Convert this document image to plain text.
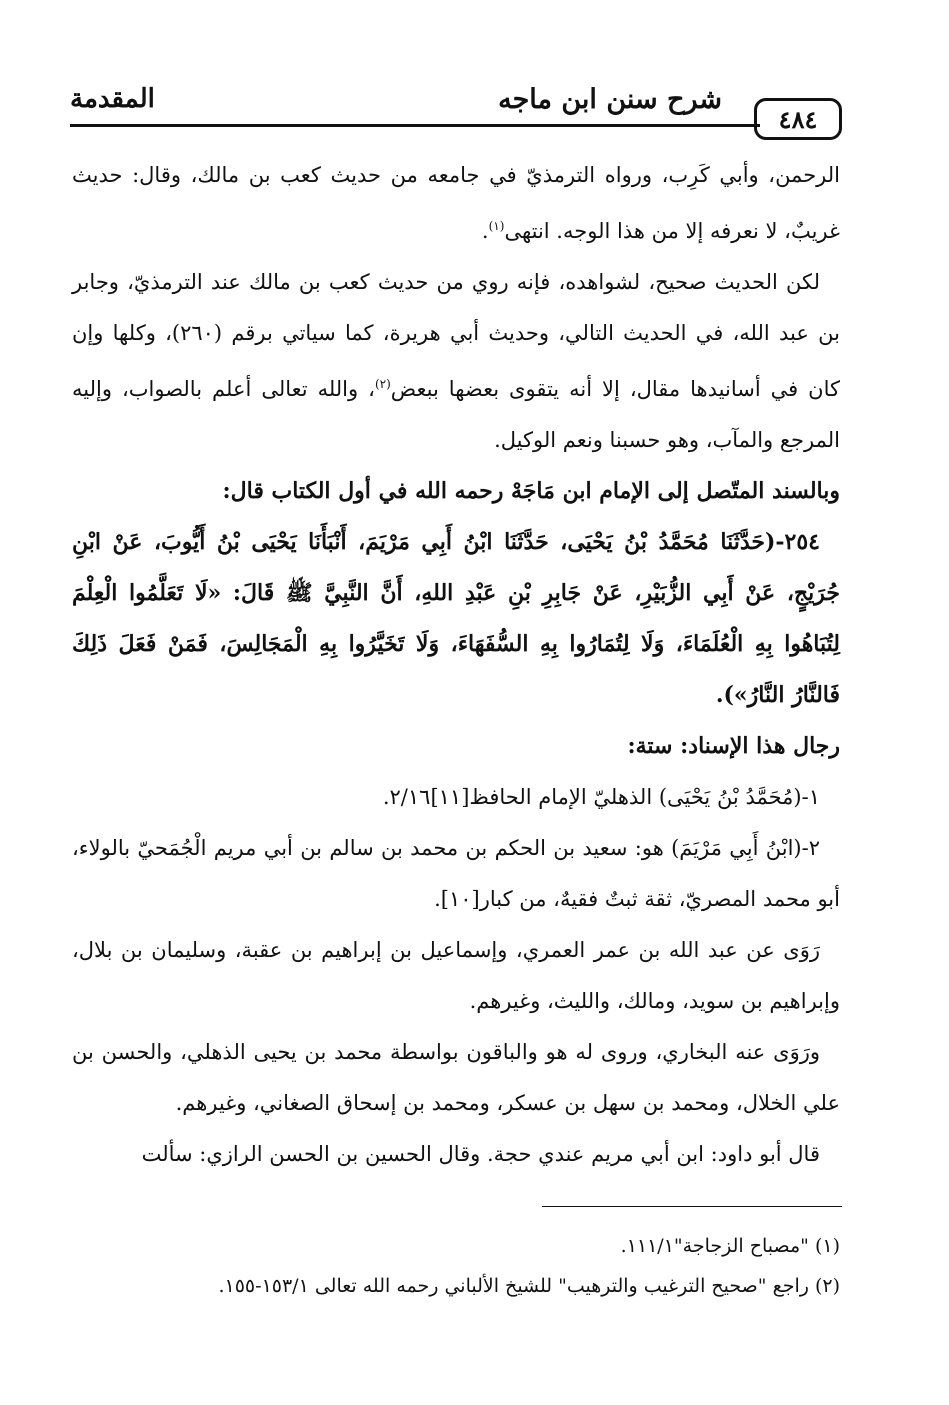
٤٨٤
شرح سنن ابن ماجه
المقدمة

الرحمن، وأبي كَرِب، ورواه الترمذيّ في جامعه من حديث كعب بن مالك، وقال: حديث غريبٌ، لا نعرفه إلا من هذا الوجه. انتهى$^{(١)}$.

لكن الحديث صحيح، لشواهده، فإنه روي من حديث كعب بن مالك عند الترمذيّ، وجابر بن عبد الله، في الحديث التالي، وحديث أبي هريرة، كما سياتي برقم (٢٦٠)، وكلها وإن كان في أسانيدها مقال، إلا أنه يتقوى بعضها ببعض$^{(٢)}$، والله تعالى أعلم بالصواب، وإليه المرجع والمآب، وهو حسبنا ونعم الوكيل.

وبالسند المتّصل إلى الإمام ابن مَاجَهْ رحمه الله في أول الكتاب قال:

٢٥٤-(حَدَّثَنَا مُحَمَّدُ بْنُ يَحْيَى، حَدَّثَنَا ابْنُ أَبِي مَرْيَمَ، أَنْبَأَنَا يَحْيَى بْنُ أَيُّوبَ، عَنْ ابْنِ جُرَيْجٍ، عَنْ أَبِي الزُّبَيْرِ، عَنْ جَابِرِ بْنِ عَبْدِ اللهِ، أَنَّ النَّبِيَّ ﷺ قَالَ: «لَا تَعَلَّمُوا الْعِلْمَ لِتُبَاهُوا بِهِ الْعُلَمَاءَ، وَلَا لِتُمَارُوا بِهِ السُّفَهَاءَ، وَلَا تَخَيَّرُوا بِهِ الْمَجَالِسَ، فَمَنْ فَعَلَ ذَلِكَ فَالنَّارُ النَّارُ»).

رجال هذا الإسناد: ستة:

١-(مُحَمَّدُ بْنُ يَحْيَى) الذهليّ الإمام الحافظ[١١]٢/١٦.

٢-(ابْنُ أَبِي مَرْيَمَ) هو: سعيد بن الحكم بن محمد بن سالم بن أبي مريم الْجُمَحيّ بالولاء، أبو محمد المصريّ، ثقة ثبتٌ فقيهٌ، من كبار[١٠].

رَوَى عن عبد الله بن عمر العمري، وإسماعيل بن إبراهيم بن عقبة، وسليمان بن بلال، وإبراهيم بن سويد، ومالك، والليث، وغيرهم.

ورَوَى عنه البخاري، وروى له هو والباقون بواسطة محمد بن يحيى الذهلي، والحسن بن علي الخلال، ومحمد بن سهل بن عسكر، ومحمد بن إسحاق الصغاني، وغيرهم.

قال أبو داود: ابن أبي مريم عندي حجة. وقال الحسين بن الحسن الرازي: سألت

(١) "مصباح الزجاجة"١١١/١.

(٢) راجع "صحيح الترغيب والترهيب" للشيخ الألباني رحمه الله تعالى ١٥٣/١-١٥٥.
